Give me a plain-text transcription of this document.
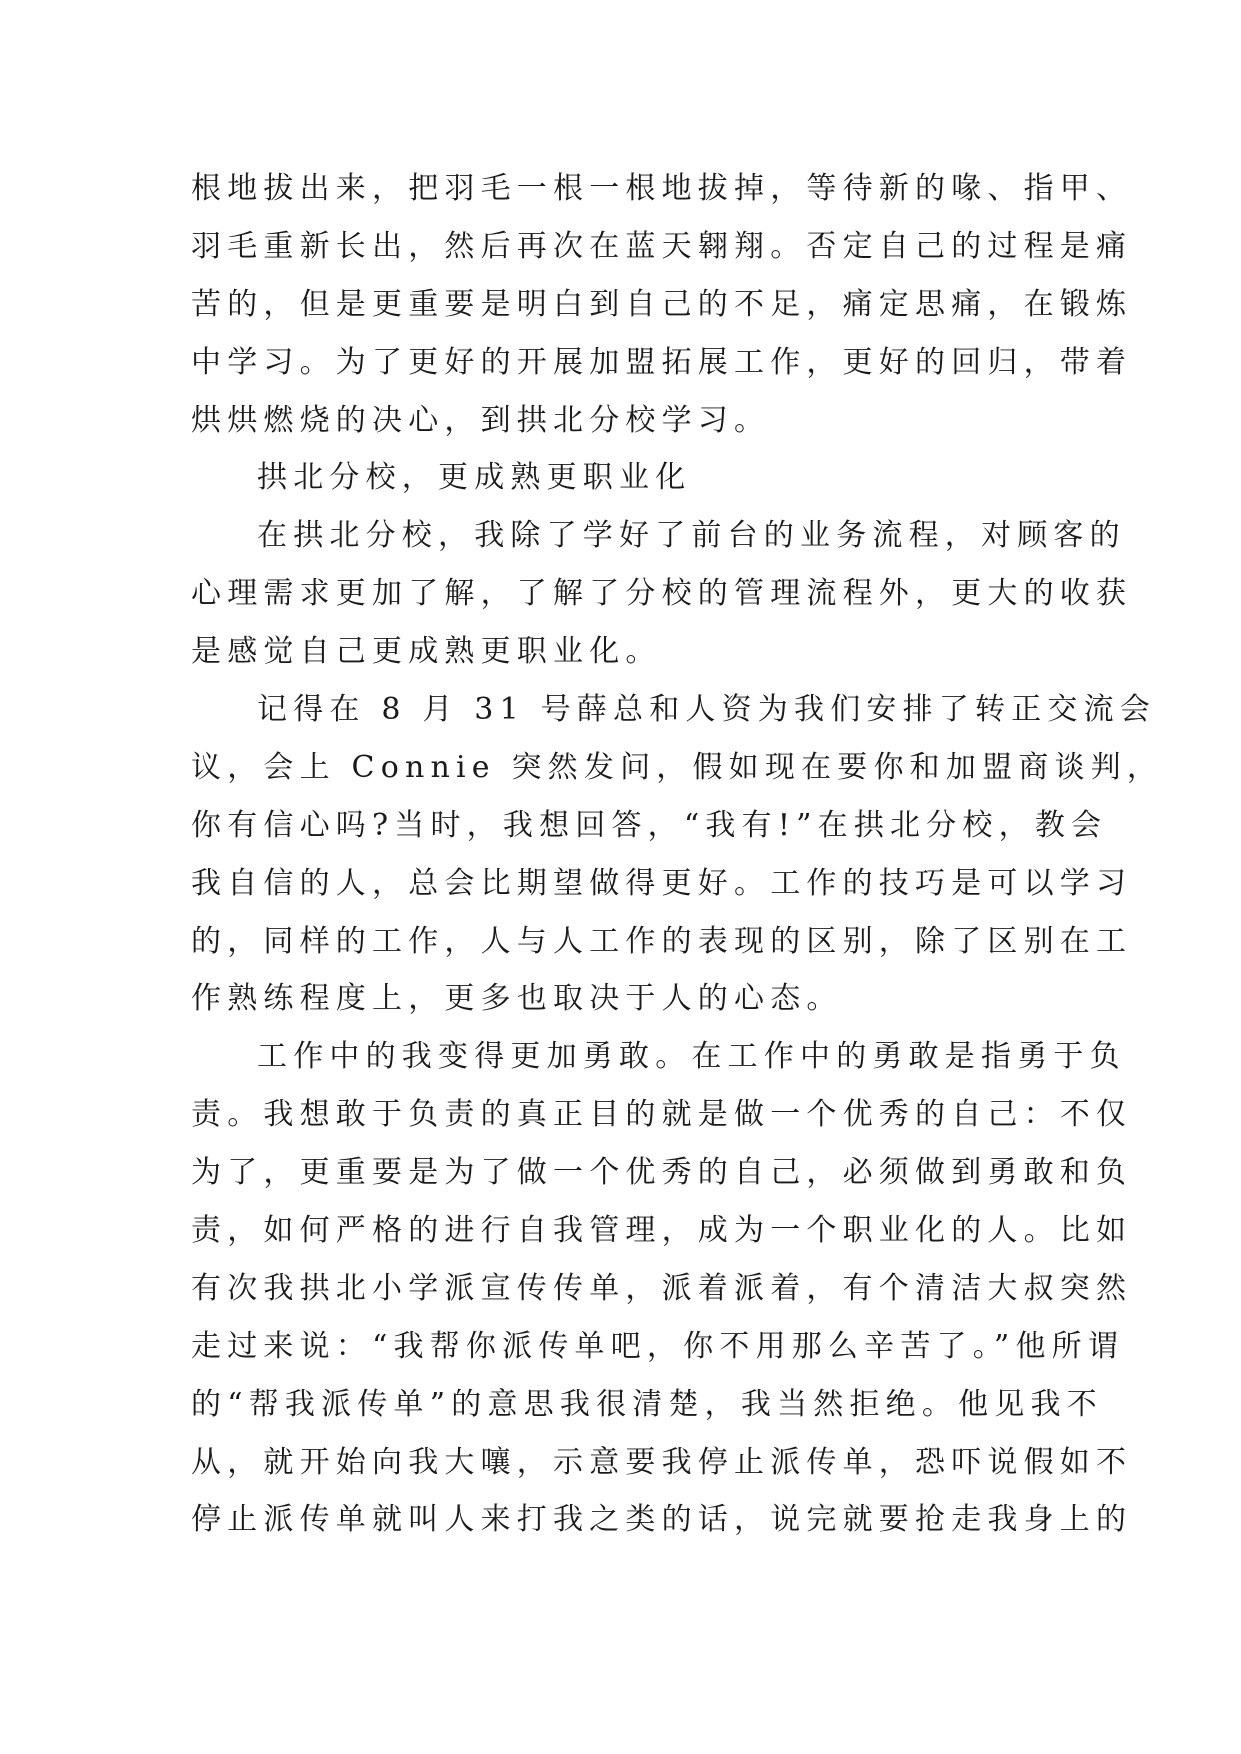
根地拔出来，把羽毛一根一根地拔掉，等待新的喙、指甲、
羽毛重新长出，然后再次在蓝天翱翔。否定自己的过程是痛
苦的，但是更重要是明白到自己的不足，痛定思痛，在锻炼
中学习。为了更好的开展加盟拓展工作，更好的回归，带着
烘烘燃烧的决心，到拱北分校学习。
拱北分校，更成熟更职业化
在拱北分校，我除了学好了前台的业务流程，对顾客的
心理需求更加了解，了解了分校的管理流程外，更大的收获
是感觉自己更成熟更职业化。
记得在 8 月 31 号薛总和人资为我们安排了转正交流会
议，会上 Connie 突然发问，假如现在要你和加盟商谈判，
你有信心吗?当时，我想回答，“我有!”在拱北分校，教会
我自信的人，总会比期望做得更好。工作的技巧是可以学习
的，同样的工作，人与人工作的表现的区别，除了区别在工
作熟练程度上，更多也取决于人的心态。
工作中的我变得更加勇敢。在工作中的勇敢是指勇于负
责。我想敢于负责的真正目的就是做一个优秀的自己：不仅
为了，更重要是为了做一个优秀的自己，必须做到勇敢和负
责，如何严格的进行自我管理，成为一个职业化的人。比如
有次我拱北小学派宣传传单，派着派着，有个清洁大叔突然
走过来说：“我帮你派传单吧，你不用那么辛苦了。”他所谓
的“帮我派传单”的意思我很清楚，我当然拒绝。他见我不
从，就开始向我大嚷，示意要我停止派传单，恐吓说假如不
停止派传单就叫人来打我之类的话，说完就要抢走我身上的
